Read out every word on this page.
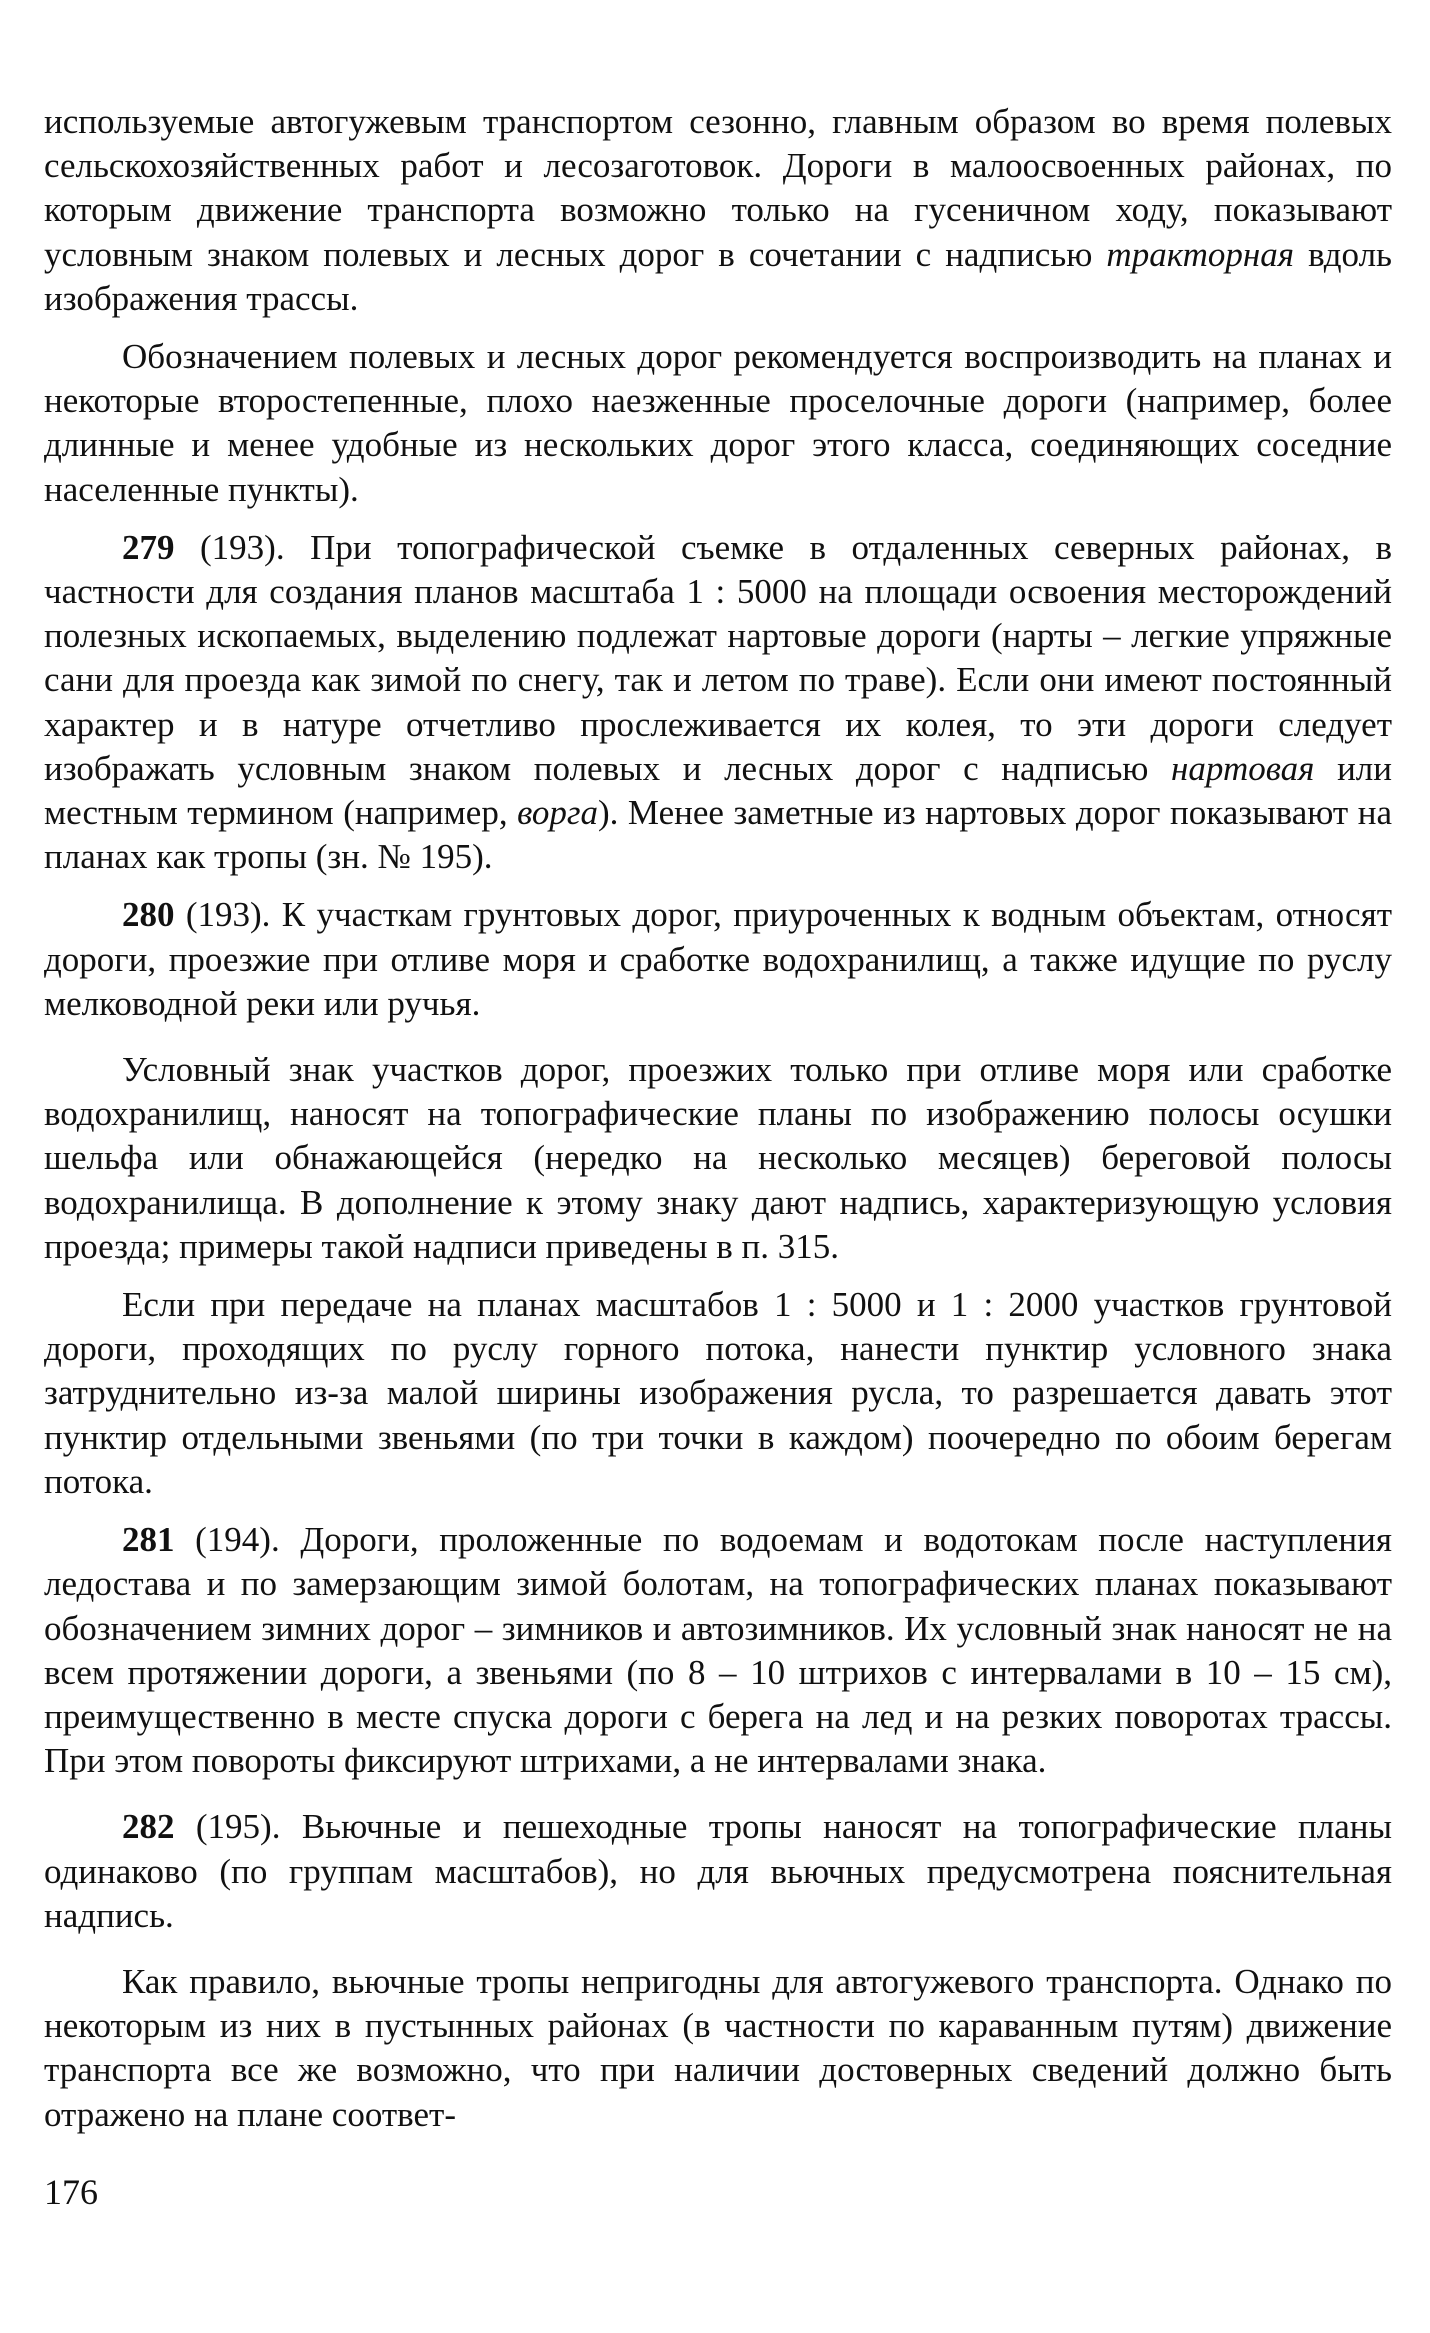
используемые автогужевым транспортом сезонно, главным образом во время полевых сельскохозяйственных работ и лесозаготовок. Дороги в малоосвоенных районах, по которым движение транспорта возможно только на гусеничном ходу, показывают условным знаком полевых и лесных дорог в сочетании с надписью тракторная вдоль изображения трассы.

Обозначением полевых и лесных дорог рекомендуется воспроизводить на планах и некоторые второстепенные, плохо наезженные проселочные дороги (например, более длинные и менее удобные из нескольких дорог этого класса, соединяющих соседние населенные пункты).

279 (193). При топографической съемке в отдаленных северных районах, в частности для создания планов масштаба 1 : 5000 на площади освоения месторождений полезных ископаемых, выделению подлежат нартовые дороги (нарты – легкие упряжные сани для проезда как зимой по снегу, так и летом по траве). Если они имеют постоянный характер и в натуре отчетливо прослеживается их колея, то эти дороги следует изображать условным знаком полевых и лесных дорог с надписью нартовая или местным термином (например, ворга). Менее заметные из нартовых дорог показывают на планах как тропы (зн. № 195).

280 (193). К участкам грунтовых дорог, приуроченных к водным объектам, относят дороги, проезжие при отливе моря и сработке водохранилищ, а также идущие по руслу мелководной реки или ручья.

Условный знак участков дорог, проезжих только при отливе моря или сработке водохранилищ, наносят на топографические планы по изображению полосы осушки шельфа или обнажающейся (нередко на несколько месяцев) береговой полосы водохранилища. В дополнение к этому знаку дают надпись, характеризующую условия проезда; примеры такой надписи приведены в п. 315.

Если при передаче на планах масштабов 1 : 5000 и 1 : 2000 участков грунтовой дороги, проходящих по руслу горного потока, нанести пунктир условного знака затруднительно из-за малой ширины изображения русла, то разрешается давать этот пунктир отдельными звеньями (по три точки в каждом) поочередно по обоим берегам потока.

281 (194). Дороги, проложенные по водоемам и водотокам после наступления ледостава и по замерзающим зимой болотам, на топографических планах показывают обозначением зимних дорог – зимников и автозимников. Их условный знак наносят не на всем протяжении дороги, а звеньями (по 8 – 10 штрихов с интервалами в 10 – 15 см), преимущественно в месте спуска дороги с берега на лед и на резких поворотах трассы. При этом повороты фиксируют штрихами, а не интервалами знака.

282 (195). Вьючные и пешеходные тропы наносят на топографические планы одинаково (по группам масштабов), но для вьючных предусмотрена пояснительная надпись.

Как правило, вьючные тропы непригодны для автогужевого транспорта. Однако по некоторым из них в пустынных районах (в частности по караванным путям) движение транспорта все же возможно, что при наличии достоверных сведений должно быть отражено на плане соответ-

176
